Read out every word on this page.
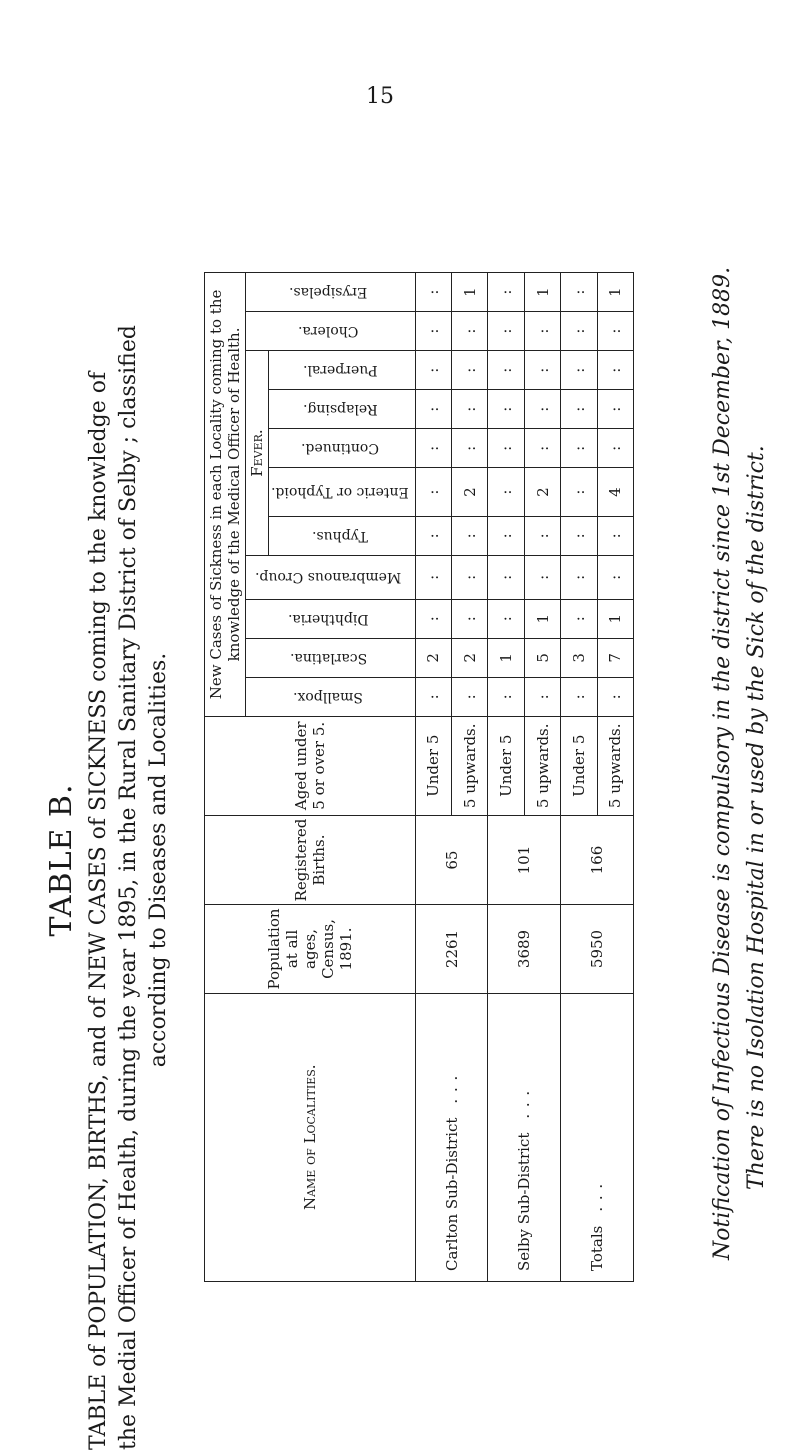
15
TABLE B. TABLE of POPULATION, BIRTHS, and of NEW CASES of SICKNESS coming to the knowledge of the Medial Officer of Health, during the year 1895, in the Rural Sanitary District of Selby ; classified according to Diseases and Localities.
Name of Localities.	Population at all ages, Census, 1891.	Registered Births.	Aged under 5 or over 5.	New Cases of Sickness in each Locality coming to the knowledge of the Medical Officer of Health.										
				Smallpox.	Scarlatina.	Diphtheria.	Membranous Croup.	Fever.					Cholera.	Erysipelas.
								Typhus.	Enteric or Typhoid.	Continued.	Relapsing.	Puerperal.		
Carlton Sub-District. . .	2261	65	Under 5	:	2	:	:	:	:	:	:	:	:	:
			5 upwards.	:	2	:	:	:	2	:	:	:	:	1
Selby Sub-District. . .	3689	101	Under 5	:	1	:	:	:	:	:	:	:	:	:
			5 upwards.	:	5	1	:	:	2	:	:	:	:	1
Totals. . .	5950	166	Under 5	:	3	:	:	:	:	:	:	:	:	:
			5 upwards.	:	7	1	:	:	4	:	:	:	:	1	Notification of Infectious Disease is compulsory in the district since 1st December, 1889. There is no Isolation Hospital in or used by the Sick of the district.
